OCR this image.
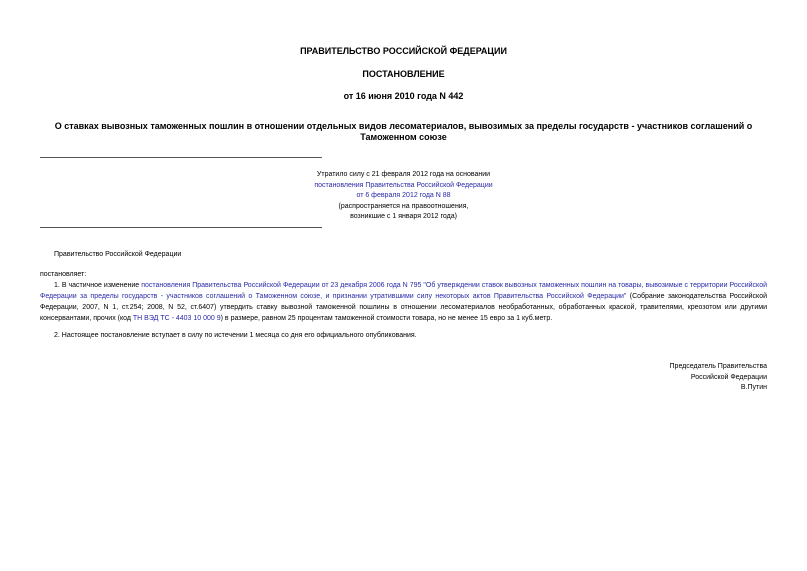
ПРАВИТЕЛЬСТВО РОССИЙСКОЙ ФЕДЕРАЦИИ
ПОСТАНОВЛЕНИЕ
от 16 июня 2010 года N 442
О ставках вывозных таможенных пошлин в отношении отдельных видов лесоматериалов, вывозимых за пределы государств - участников соглашений о Таможенном союзе
Утратило силу с 21 февраля 2012 года на основании
постановления Правительства Российской Федерации
от 6 февраля 2012 года N 88
(распространяется на правоотношения,
возникшие с 1 января 2012 года)
Правительство Российской Федерации
постановляет:
1. В частичное изменение постановления Правительства Российской Федерации от 23 декабря 2006 года N 795 "Об утверждении ставок вывозных таможенных пошлин на товары, вывозимые с территории Российской Федерации за пределы государств - участников соглашений о Таможенном союзе, и признании утратившими силу некоторых актов Правительства Российской Федерации" (Собрание законодательства Российской Федерации, 2007, N 1, ст.254; 2008, N 52, ст.6407) утвердить ставку вывозной таможенной пошлины в отношении лесоматериалов необработанных, обработанных краской, травителями, креозотом или другими консервантами, прочих (код ТН ВЭД ТС - 4403 10 000 9) в размере, равном 25 процентам таможенной стоимости товара, но не менее 15 евро за 1 куб.метр.
2. Настоящее постановление вступает в силу по истечении 1 месяца со дня его официального опубликования.
Председатель Правительства
Российской Федерации
В.Путин
